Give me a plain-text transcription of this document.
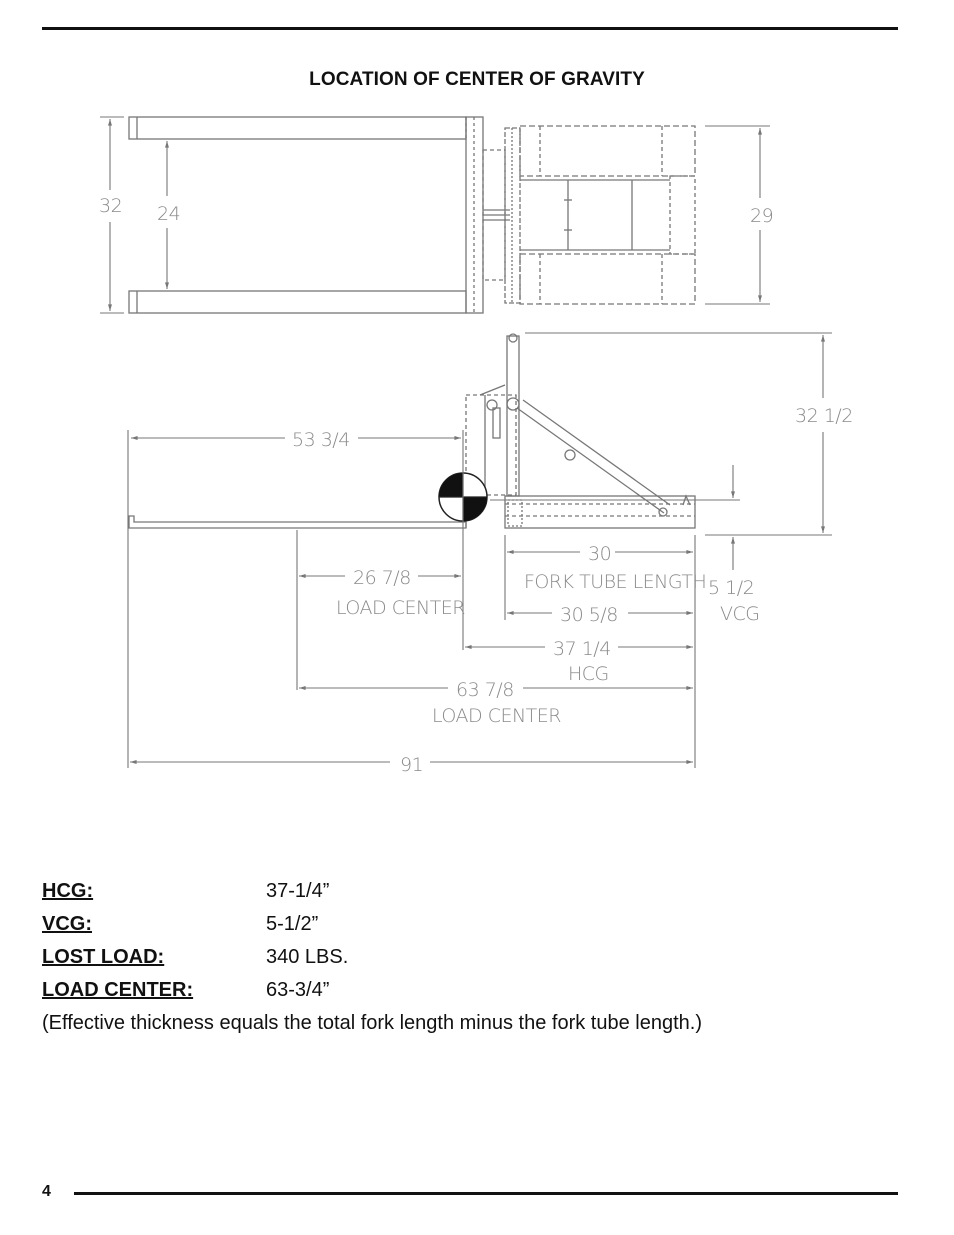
LOCATION OF CENTER OF GRAVITY
32 24	29
32 1/2
53 3/4
26 7/8
LOAD CENTER
30
FORK TUBE LENGTH 5 1/2
VCG
30 5/8
37 1/4
HCG
63 7/8
LOAD CENTER
91
HCG:	37-1/4”
VCG:	5-1/2”
LOST LOAD:	340 LBS.
LOAD CENTER:	63-3/4”
(Effective thickness equals the total fork length minus the fork tube length.)
4
